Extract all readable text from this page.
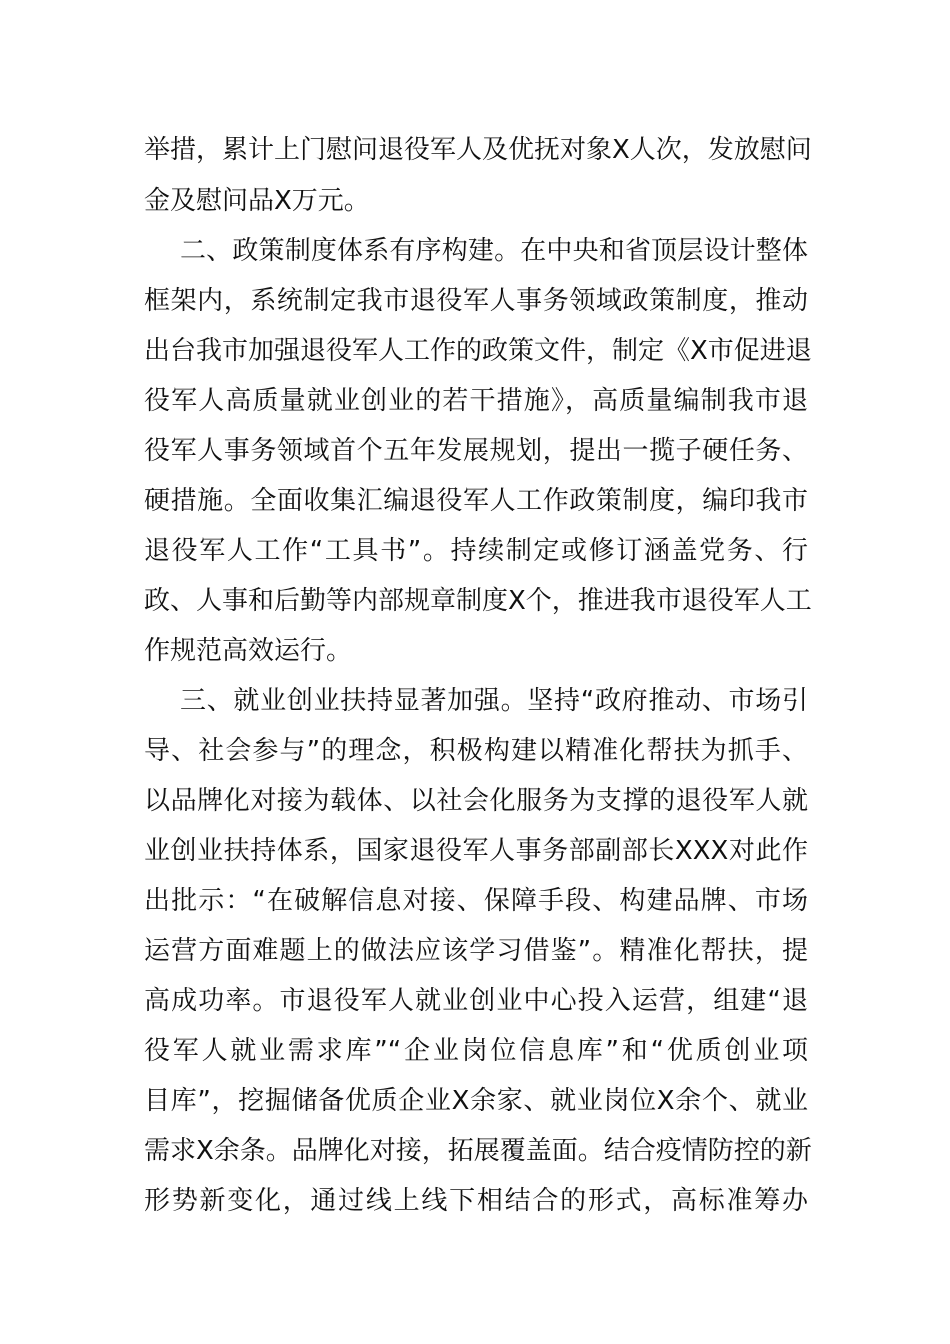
举措，累计上门慰问退役军人及优抚对象X人次，发放慰问
金及慰问品X万元。
二、政策制度体系有序构建。在中央和省顶层设计整体
框架内，系统制定我市退役军人事务领域政策制度，推动
出台我市加强退役军人工作的政策文件，制定《X市促进退
役军人高质量就业创业的若干措施》，高质量编制我市退
役军人事务领域首个五年发展规划，提出一揽子硬任务、
硬措施。全面收集汇编退役军人工作政策制度，编印我市
退役军人工作“工具书”。持续制定或修订涵盖党务、行
政、人事和后勤等内部规章制度X个，推进我市退役军人工
作规范高效运行。
三、就业创业扶持显著加强。坚持“政府推动、市场引
导、社会参与”的理念，积极构建以精准化帮扶为抓手、
以品牌化对接为载体、以社会化服务为支撑的退役军人就
业创业扶持体系，国家退役军人事务部副部长XXX对此作
出批示：“在破解信息对接、保障手段、构建品牌、市场
运营方面难题上的做法应该学习借鉴”。精准化帮扶，提
高成功率。市退役军人就业创业中心投入运营，组建“退
役军人就业需求库”“企业岗位信息库”和“优质创业项
目库”，挖掘储备优质企业X余家、就业岗位X余个、就业
需求X余条。品牌化对接，拓展覆盖面。结合疫情防控的新
形势新变化，通过线上线下相结合的形式，高标准筹办
